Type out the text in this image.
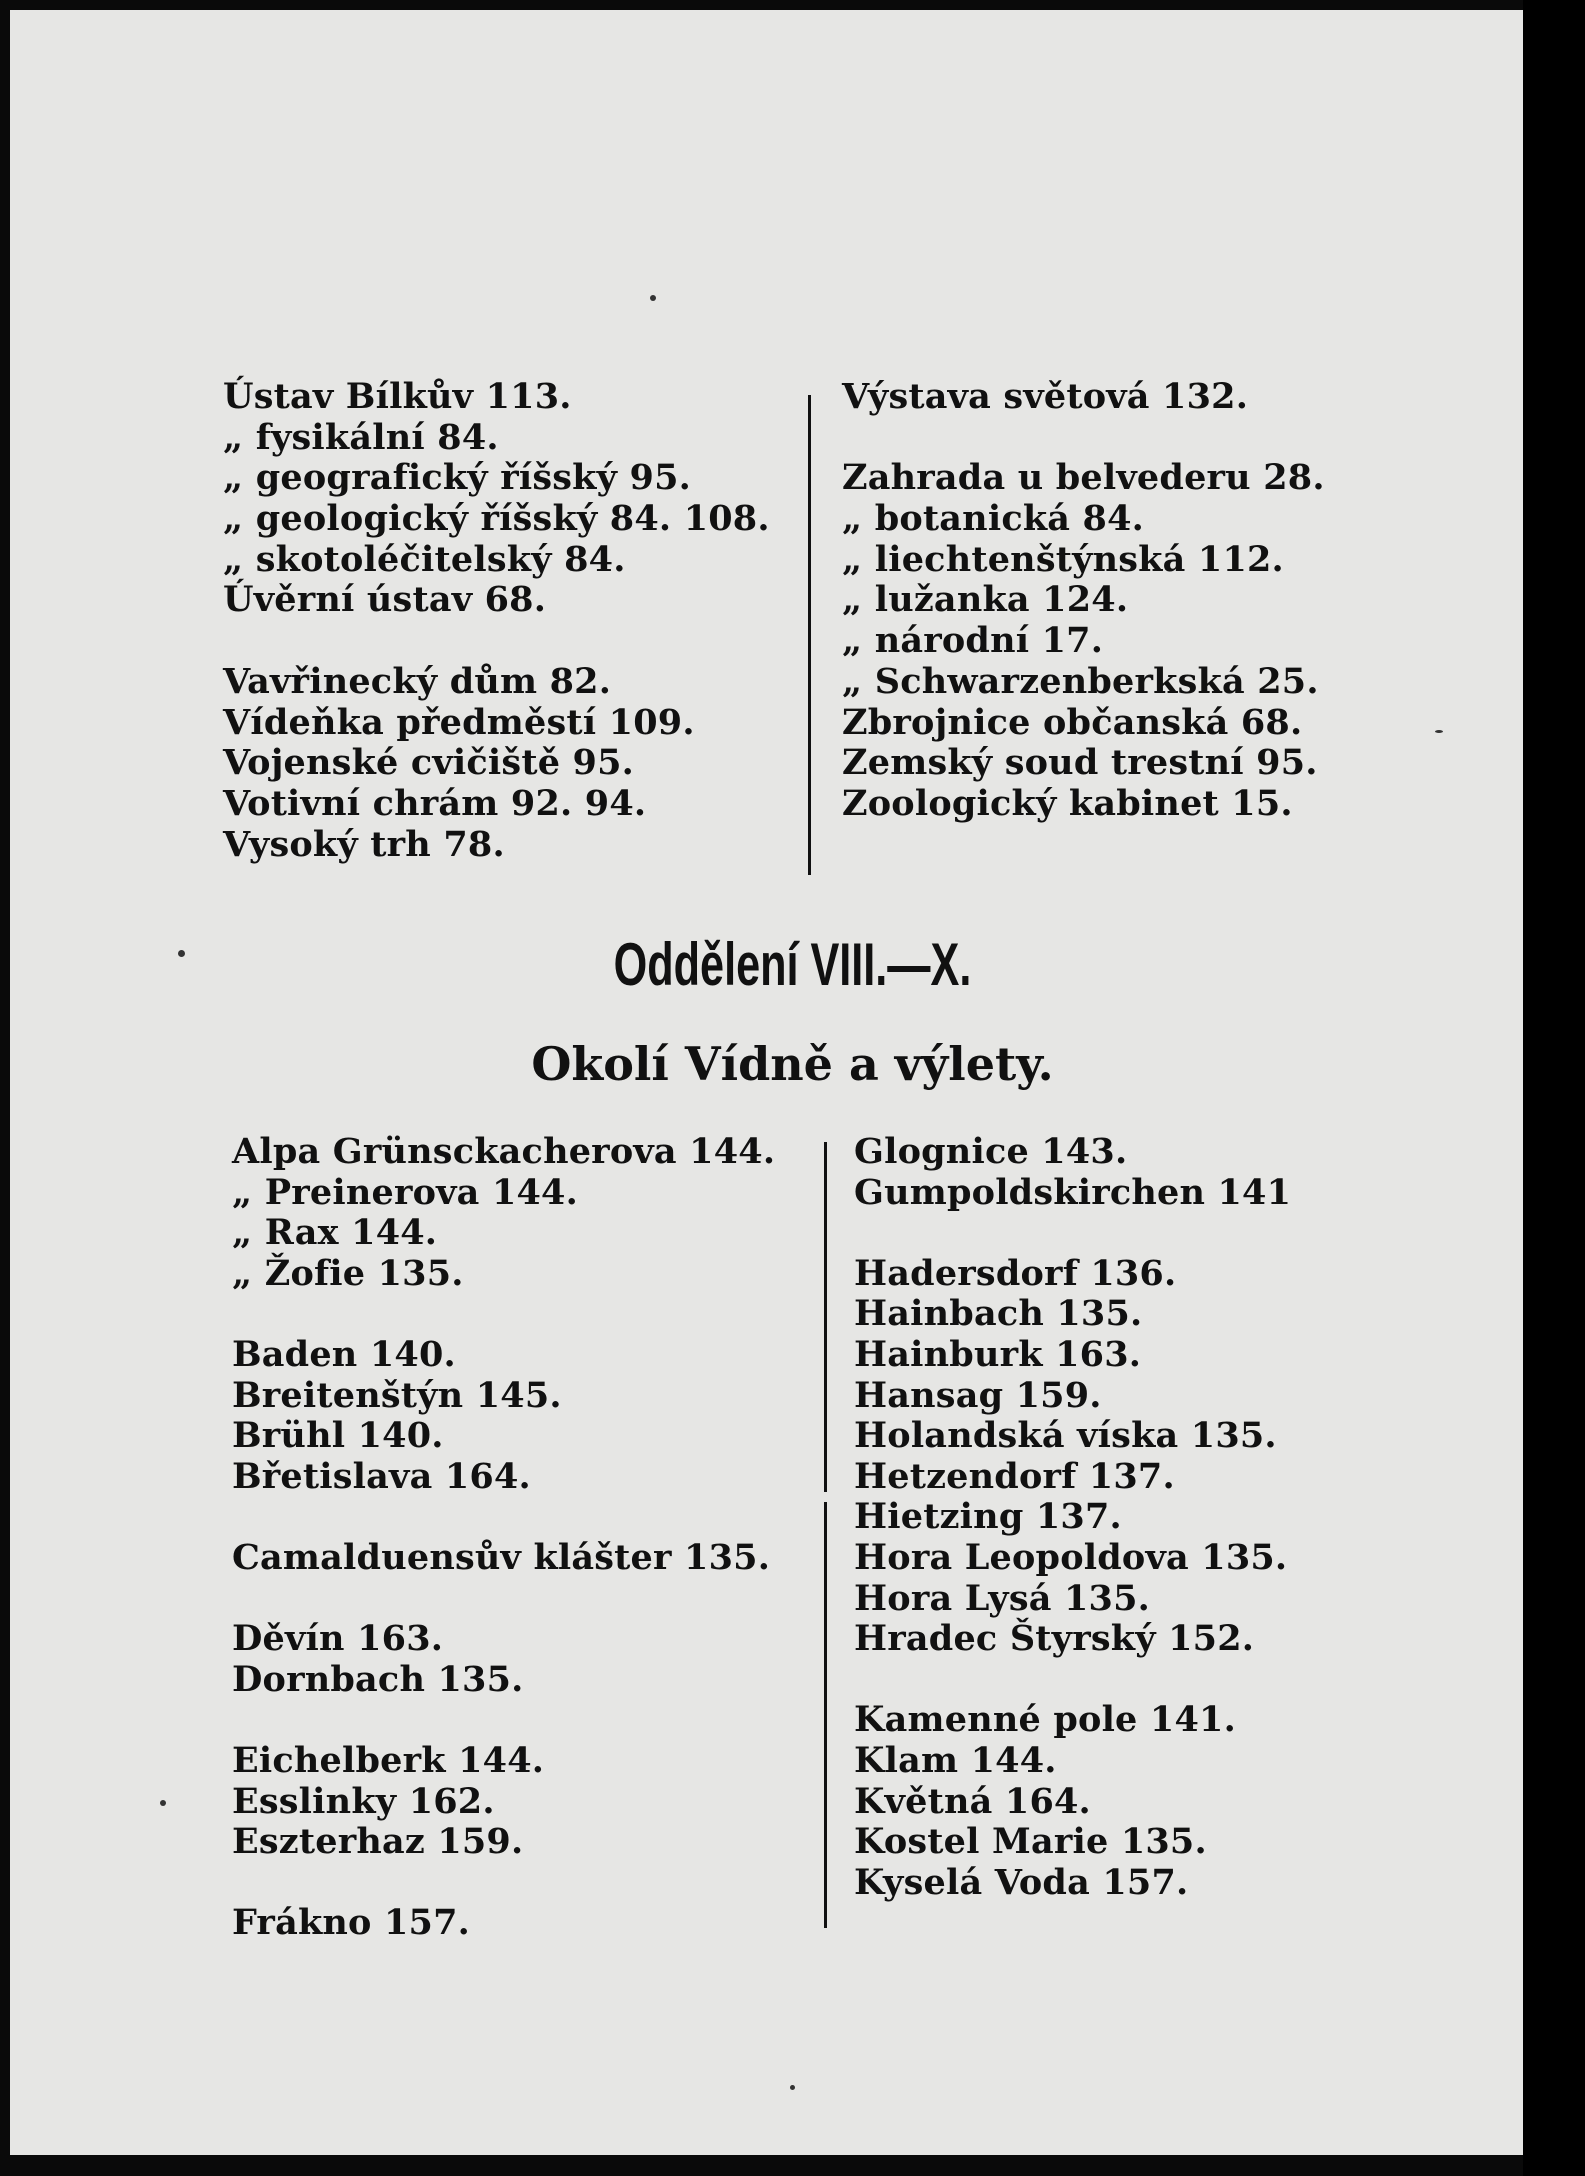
Ústav Bílkův 113.
„ fysikální 84.
„ geografický říšský 95.
„ geologický říšský 84. 108.
„ skotoléčitelský 84.
Úvěrní ústav 68.

Vavřinecký dům 82.
Vídeňka předměstí 109.
Vojenské cvičiště 95.
Votivní chrám 92. 94.
Vysoký trh 78.
Výstava světová 132.

Zahrada u belvederu 28.
„ botanická 84.
„ liechtenštýnská 112.
„ lužanka 124.
„ národní 17.
„ Schwarzenberkská 25.
Zbrojnice občanská 68.
Zemský soud trestní 95.
Zoologický kabinet 15.
Oddělení VIII.—X.
Okolí Vídně a výlety.
Alpa Grünsckacherova 144.
„ Preinerova 144.
„ Rax 144.
„ Žofie 135.

Baden 140.
Breitenštýn 145.
Brühl 140.
Břetislava 164.

Camalduensův klášter 135.

Děvín 163.
Dornbach 135.

Eichelberk 144.
Esslinky 162.
Eszterhaz 159.

Frákno 157.
Glognice 143.
Gumpoldskirchen 141

Hadersdorf 136.
Hainbach 135.
Hainburk 163.
Hansag 159.
Holandská víska 135.
Hetzendorf 137.
Hietzing 137.
Hora Leopoldova 135.
Hora Lysá 135.
Hradec Štyrský 152.

Kamenné pole 141.
Klam 144.
Květná 164.
Kostel Marie 135.
Kyselá Voda 157.
